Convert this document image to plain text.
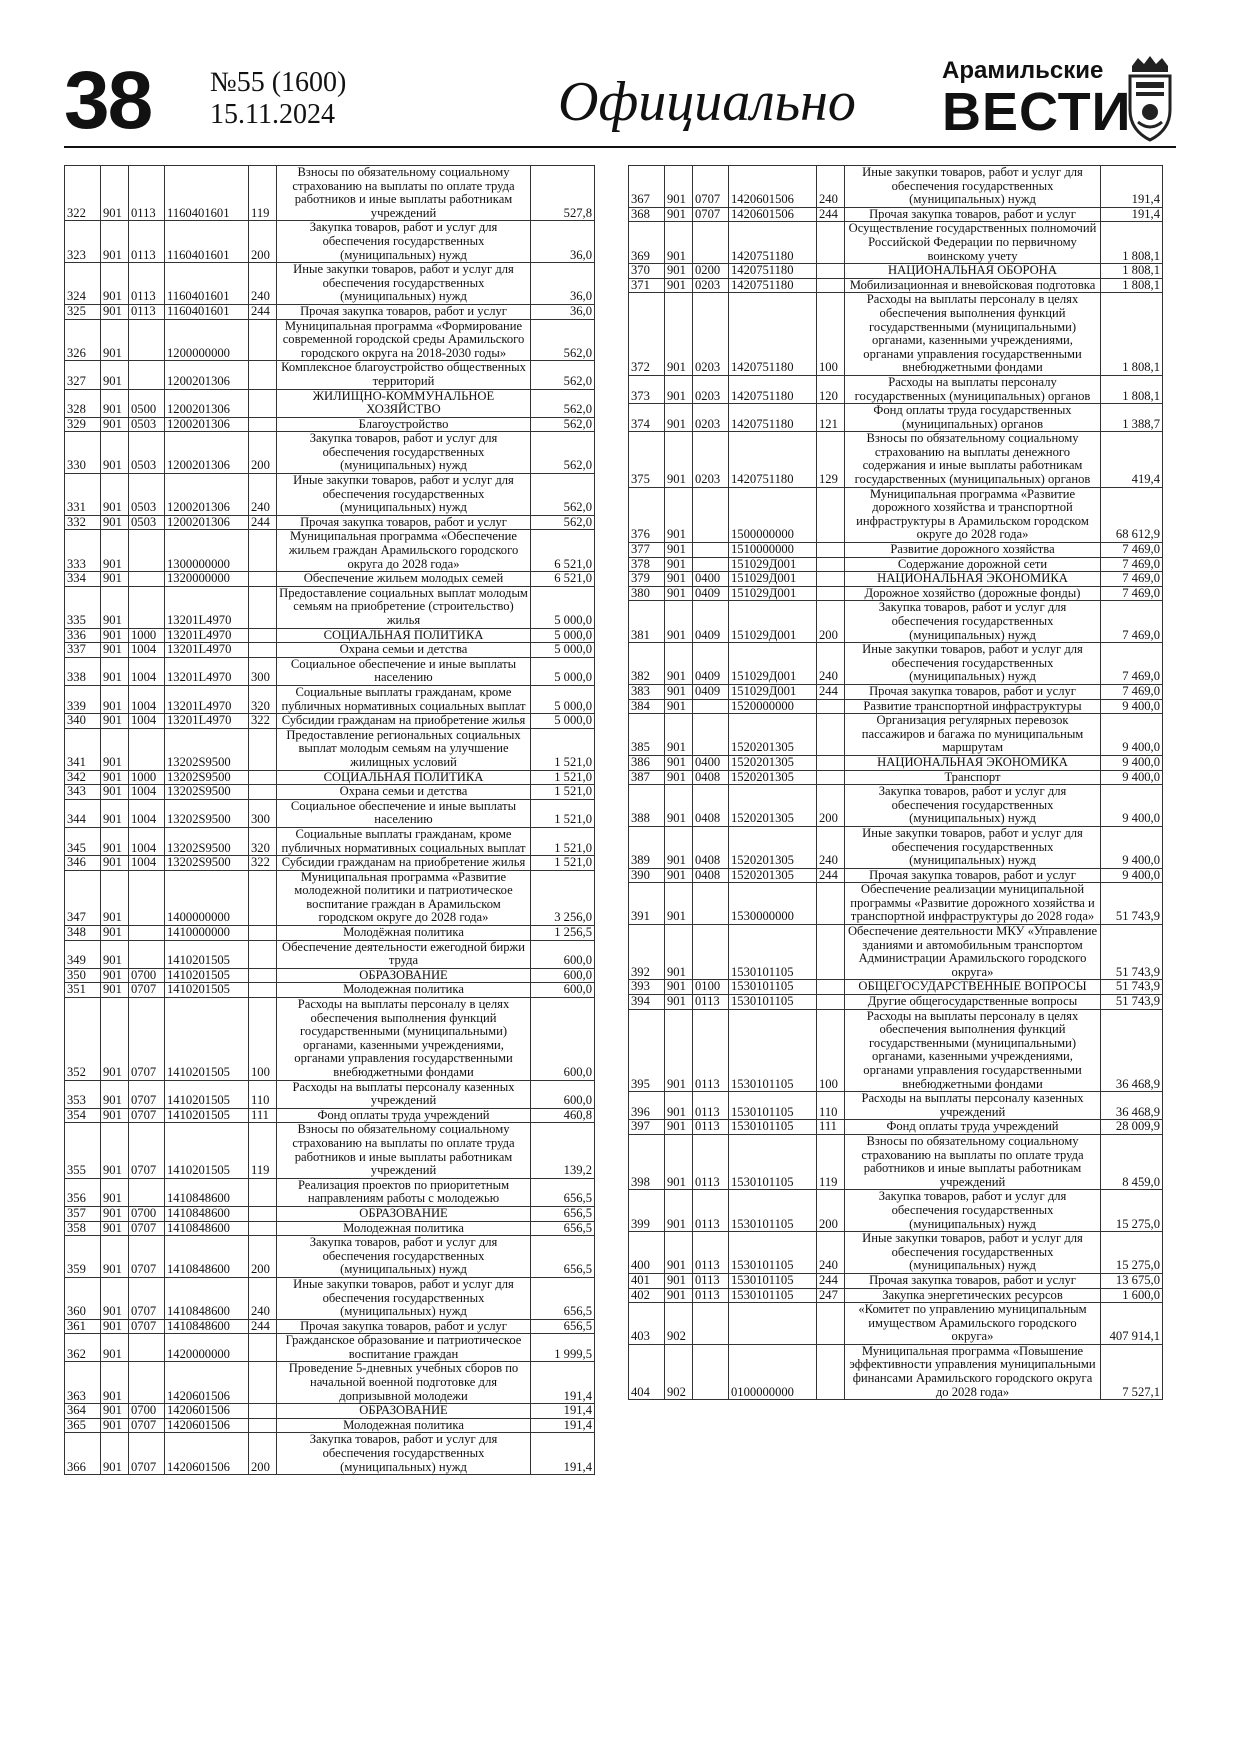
38 №55 (1600)
15.11.2024	Официально
Арамильские
ВЕСТИ
322	901	0113	1160401601	119	Взносы по обязательному социальному страхованию на выплаты по оплате труда работников и иные выплаты работникам учреждений	527,8
323	901	0113	1160401601	200	Закупка товаров, работ и услуг для обеспечения государственных (муниципальных) нужд	36,0
324	901	0113	1160401601	240	Иные закупки товаров, работ и услуг для обеспечения государственных (муниципальных) нужд	36,0
325	901	0113	1160401601	244	Прочая закупка товаров, работ и услуг	36,0
326	901		1200000000		Муниципальная программа «Формирование современной городской среды Арамильского городского округа на 2018-2030 годы»	562,0
327	901		1200201306		Комплексное благоустройство общественных территорий	562,0
328	901	0500	1200201306		ЖИЛИЩНО-КОММУНАЛЬНОЕ ХОЗЯЙСТВО	562,0
329	901	0503	1200201306		Благоустройство	562,0
330	901	0503	1200201306	200	Закупка товаров, работ и услуг для обеспечения государственных (муниципальных) нужд	562,0
331	901	0503	1200201306	240	Иные закупки товаров, работ и услуг для обеспечения государственных (муниципальных) нужд	562,0
332	901	0503	1200201306	244	Прочая закупка товаров, работ и услуг	562,0
333	901		1300000000		Муниципальная программа «Обеспечение жильем граждан Арамильского городского округа до 2028 года»	6 521,0
334	901		1320000000		Обеспечение жильем молодых семей	6 521,0
335	901		13201L4970		Предоставление социальных выплат молодым семьям на приобретение (строительство) жилья	5 000,0
336	901	1000	13201L4970		СОЦИАЛЬНАЯ ПОЛИТИКА	5 000,0
337	901	1004	13201L4970		Охрана семьи и детства	5 000,0
338	901	1004	13201L4970	300	Социальное обеспечение и иные выплаты населению	5 000,0
339	901	1004	13201L4970	320	Социальные выплаты гражданам, кроме публичных нормативных социальных выплат	5 000,0
340	901	1004	13201L4970	322	Субсидии гражданам на приобретение жилья	5 000,0
341	901		13202S9500		Предоставление региональных социальных выплат молодым семьям на улучшение жилищных условий	1 521,0
342	901	1000	13202S9500		СОЦИАЛЬНАЯ ПОЛИТИКА	1 521,0
343	901	1004	13202S9500		Охрана семьи и детства	1 521,0
344	901	1004	13202S9500	300	Социальное обеспечение и иные выплаты населению	1 521,0
345	901	1004	13202S9500	320	Социальные выплаты гражданам, кроме публичных нормативных социальных выплат	1 521,0
346	901	1004	13202S9500	322	Субсидии гражданам на приобретение жилья	1 521,0
347	901		1400000000		Муниципальная программа «Развитие молодежной политики и патриотическое воспитание граждан в Арамильском городском округе до 2028 года»	3 256,0
348	901		1410000000		Молодёжная политика	1 256,5
349	901		1410201505		Обеспечение деятельности ежегодной биржи труда	600,0
350	901	0700	1410201505		ОБРАЗОВАНИЕ	600,0
351	901	0707	1410201505		Молодежная политика	600,0
352	901	0707	1410201505	100	Расходы на выплаты персоналу в целях обеспечения выполнения функций государственными (муниципальными) органами, казенными учреждениями, органами управления государственными внебюджетными фондами	600,0
353	901	0707	1410201505	110	Расходы на выплаты персоналу казенных учреждений	600,0
354	901	0707	1410201505	111	Фонд оплаты труда учреждений	460,8
355	901	0707	1410201505	119	Взносы по обязательному социальному страхованию на выплаты по оплате труда работников и иные выплаты работникам учреждений	139,2
356	901		1410848600		Реализация проектов по приоритетным направлениям работы с молодежью	656,5
357	901	0700	1410848600		ОБРАЗОВАНИЕ	656,5
358	901	0707	1410848600		Молодежная политика	656,5
359	901	0707	1410848600	200	Закупка товаров, работ и услуг для обеспечения государственных (муниципальных) нужд	656,5
360	901	0707	1410848600	240	Иные закупки товаров, работ и услуг для обеспечения государственных (муниципальных) нужд	656,5
361	901	0707	1410848600	244	Прочая закупка товаров, работ и услуг	656,5
362	901		1420000000		Гражданское образование и патриотическое воспитание граждан	1 999,5
363	901		1420601506		Проведение 5-дневных учебных сборов по начальной военной подготовке для допризывной молодежи	191,4
364	901	0700	1420601506		ОБРАЗОВАНИЕ	191,4
365	901	0707	1420601506		Молодежная политика	191,4
366	901	0707	1420601506	200	Закупка товаров, работ и услуг для обеспечения государственных (муниципальных) нужд	191,4
367	901	0707	1420601506	240	Иные закупки товаров, работ и услуг для обеспечения государственных (муниципальных) нужд	191,4
368	901	0707	1420601506	244	Прочая закупка товаров, работ и услуг	191,4
369	901		1420751180		Осуществление государственных полномочий Российской Федерации по первичному воинскому учету	1 808,1
370	901	0200	1420751180		НАЦИОНАЛЬНАЯ ОБОРОНА	1 808,1
371	901	0203	1420751180		Мобилизационная и вневойсковая подготовка	1 808,1
372	901	0203	1420751180	100	Расходы на выплаты персоналу в целях обеспечения выполнения функций государственными (муниципальными) органами, казенными учреждениями, органами управления государственными внебюджетными фондами	1 808,1
373	901	0203	1420751180	120	Расходы на выплаты персоналу государственных (муниципальных) органов	1 808,1
374	901	0203	1420751180	121	Фонд оплаты труда государственных (муниципальных) органов	1 388,7
375	901	0203	1420751180	129	Взносы по обязательному социальному страхованию на выплаты денежного содержания и иные выплаты работникам государственных (муниципальных) органов	419,4
376	901		1500000000		Муниципальная программа «Развитие дорожного хозяйства и транспортной инфраструктуры в Арамильском городском округе до 2028 года»	68 612,9
377	901		1510000000		Развитие дорожного хозяйства	7 469,0
378	901		151029Д001		Содержание дорожной сети	7 469,0
379	901	0400	151029Д001		НАЦИОНАЛЬНАЯ ЭКОНОМИКА	7 469,0
380	901	0409	151029Д001		Дорожное хозяйство (дорожные фонды)	7 469,0
381	901	0409	151029Д001	200	Закупка товаров, работ и услуг для обеспечения государственных (муниципальных) нужд	7 469,0
382	901	0409	151029Д001	240	Иные закупки товаров, работ и услуг для обеспечения государственных (муниципальных) нужд	7 469,0
383	901	0409	151029Д001	244	Прочая закупка товаров, работ и услуг	7 469,0
384	901		1520000000		Развитие транспортной инфраструктуры	9 400,0
385	901		1520201305		Организация регулярных перевозок пассажиров и багажа по муниципальным маршрутам	9 400,0
386	901	0400	1520201305		НАЦИОНАЛЬНАЯ ЭКОНОМИКА	9 400,0
387	901	0408	1520201305		Транспорт	9 400,0
388	901	0408	1520201305	200	Закупка товаров, работ и услуг для обеспечения государственных (муниципальных) нужд	9 400,0
389	901	0408	1520201305	240	Иные закупки товаров, работ и услуг для обеспечения государственных (муниципальных) нужд	9 400,0
390	901	0408	1520201305	244	Прочая закупка товаров, работ и услуг	9 400,0
391	901		1530000000		Обеспечение реализации муниципальной программы «Развитие дорожного хозяйства и транспортной инфраструктуры до 2028 года»	51 743,9
392	901		1530101105		Обеспечение деятельности МКУ «Управление зданиями и автомобильным транспортом Администрации Арамильского городского округа»	51 743,9
393	901	0100	1530101105		ОБЩЕГОСУДАРСТВЕННЫЕ ВОПРОСЫ	51 743,9
394	901	0113	1530101105		Другие общегосударственные вопросы	51 743,9
395	901	0113	1530101105	100	Расходы на выплаты персоналу в целях обеспечения выполнения функций государственными (муниципальными) органами, казенными учреждениями, органами управления государственными внебюджетными фондами	36 468,9
396	901	0113	1530101105	110	Расходы на выплаты персоналу казенных учреждений	36 468,9
397	901	0113	1530101105	111	Фонд оплаты труда учреждений	28 009,9
398	901	0113	1530101105	119	Взносы по обязательному социальному страхованию на выплаты по оплате труда работников и иные выплаты работникам учреждений	8 459,0
399	901	0113	1530101105	200	Закупка товаров, работ и услуг для обеспечения государственных (муниципальных) нужд	15 275,0
400	901	0113	1530101105	240	Иные закупки товаров, работ и услуг для обеспечения государственных (муниципальных) нужд	15 275,0
401	901	0113	1530101105	244	Прочая закупка товаров, работ и услуг	13 675,0
402	901	0113	1530101105	247	Закупка энергетических ресурсов	1 600,0
403	902				«Комитет по управлению муниципальным имуществом Арамильского городского округа»	407 914,1
404	902		0100000000		Муниципальная программа «Повышение эффективности управления муниципальными финансами Арамильского городского округа до 2028 года»	7 527,1
